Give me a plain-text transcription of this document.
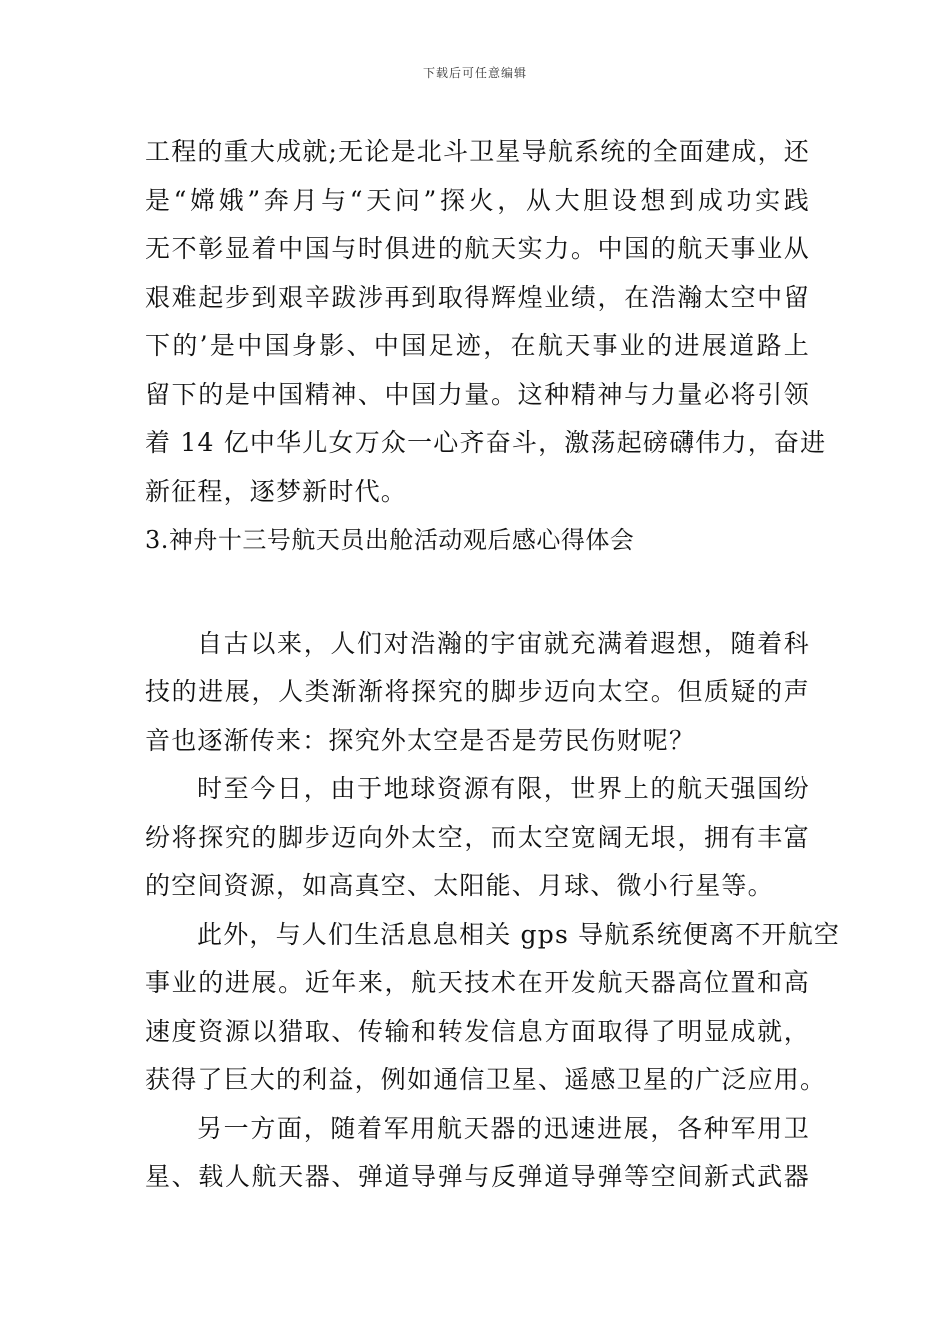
下载后可任意编辑
工程的重大成就;无论是北斗卫星导航系统的全面建成，还
是“嫦娥”奔月与“天问”探火，从大胆设想到成功实践
无不彰显着中国与时俱进的航天实力。中国的航天事业从
艰难起步到艰辛跋涉再到取得辉煌业绩，在浩瀚太空中留
下的’是中国身影、中国足迹，在航天事业的进展道路上
留下的是中国精神、中国力量。这种精神与力量必将引领
着 14 亿中华儿女万众一心齐奋斗，激荡起磅礴伟力，奋进
新征程，逐梦新时代。
3.神舟十三号航天员出舱活动观后感心得体会
自古以来，人们对浩瀚的宇宙就充满着遐想，随着科
技的进展，人类渐渐将探究的脚步迈向太空。但质疑的声
音也逐渐传来：探究外太空是否是劳民伤财呢？
时至今日，由于地球资源有限，世界上的航天强国纷
纷将探究的脚步迈向外太空，而太空宽阔无垠，拥有丰富
的空间资源，如高真空、太阳能、月球、微小行星等。
此外，与人们生活息息相关 gps 导航系统便离不开航空
事业的进展。近年来，航天技术在开发航天器高位置和高
速度资源以猎取、传输和转发信息方面取得了明显成就，
获得了巨大的利益，例如通信卫星、遥感卫星的广泛应用。
另一方面，随着军用航天器的迅速进展，各种军用卫
星、载人航天器、弹道导弹与反弹道导弹等空间新式武器
